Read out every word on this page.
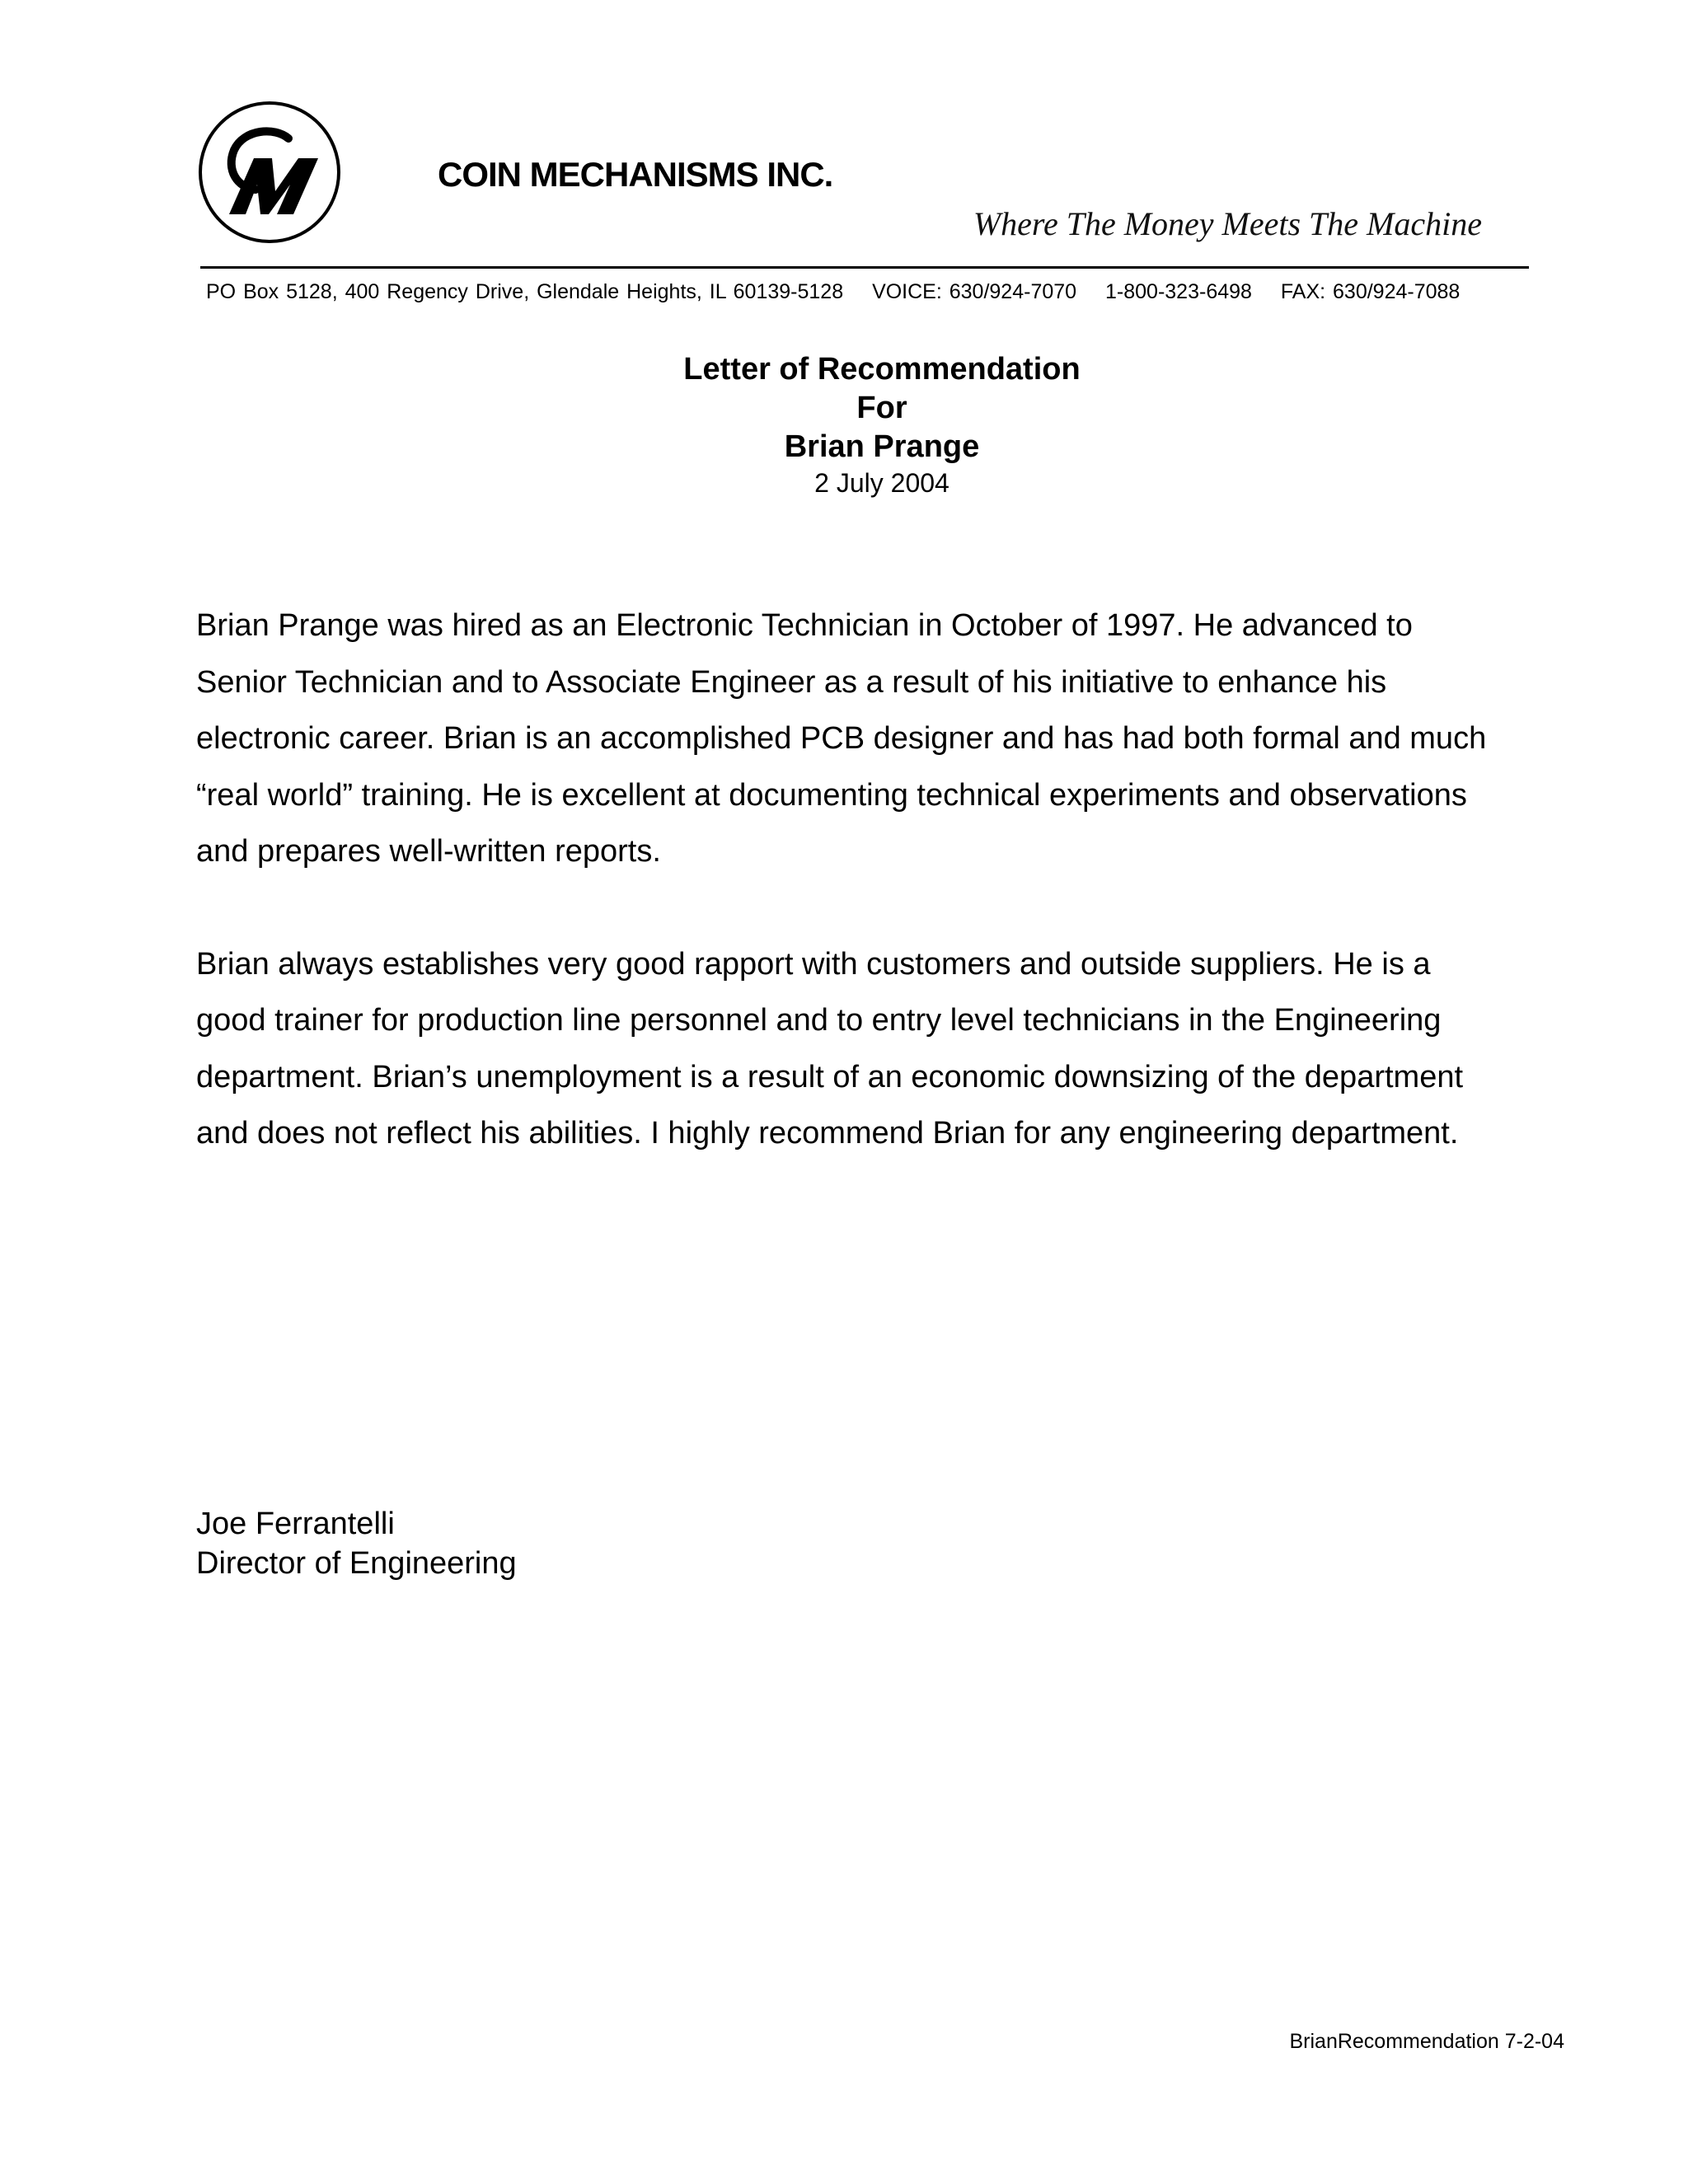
COIN MECHANISMS INC.
Where The Money Meets The Machine
PO Box 5128, 400 Regency Drive, Glendale Heights, IL 60139-5128 VOICE: 630/924-7070 1-800-323-6498 FAX: 630/924-7088
Letter of Recommendation
For
Brian Prange
2 July 2004

Brian Prange was hired as an Electronic Technician in October of 1997. He advanced to
Senior Technician and to Associate Engineer as a result of his initiative to enhance his
electronic career. Brian is an accomplished PCB designer and has had both formal and much
“real world” training. He is excellent at documenting technical experiments and observations
and prepares well-written reports.

Brian always establishes very good rapport with customers and outside suppliers. He is a
good trainer for production line personnel and to entry level technicians in the Engineering
department. Brian’s unemployment is a result of an economic downsizing of the department
and does not reflect his abilities. I highly recommend Brian for any engineering department.

Joe Ferrantelli
Director of Engineering
BrianRecommendation 7-2-04
